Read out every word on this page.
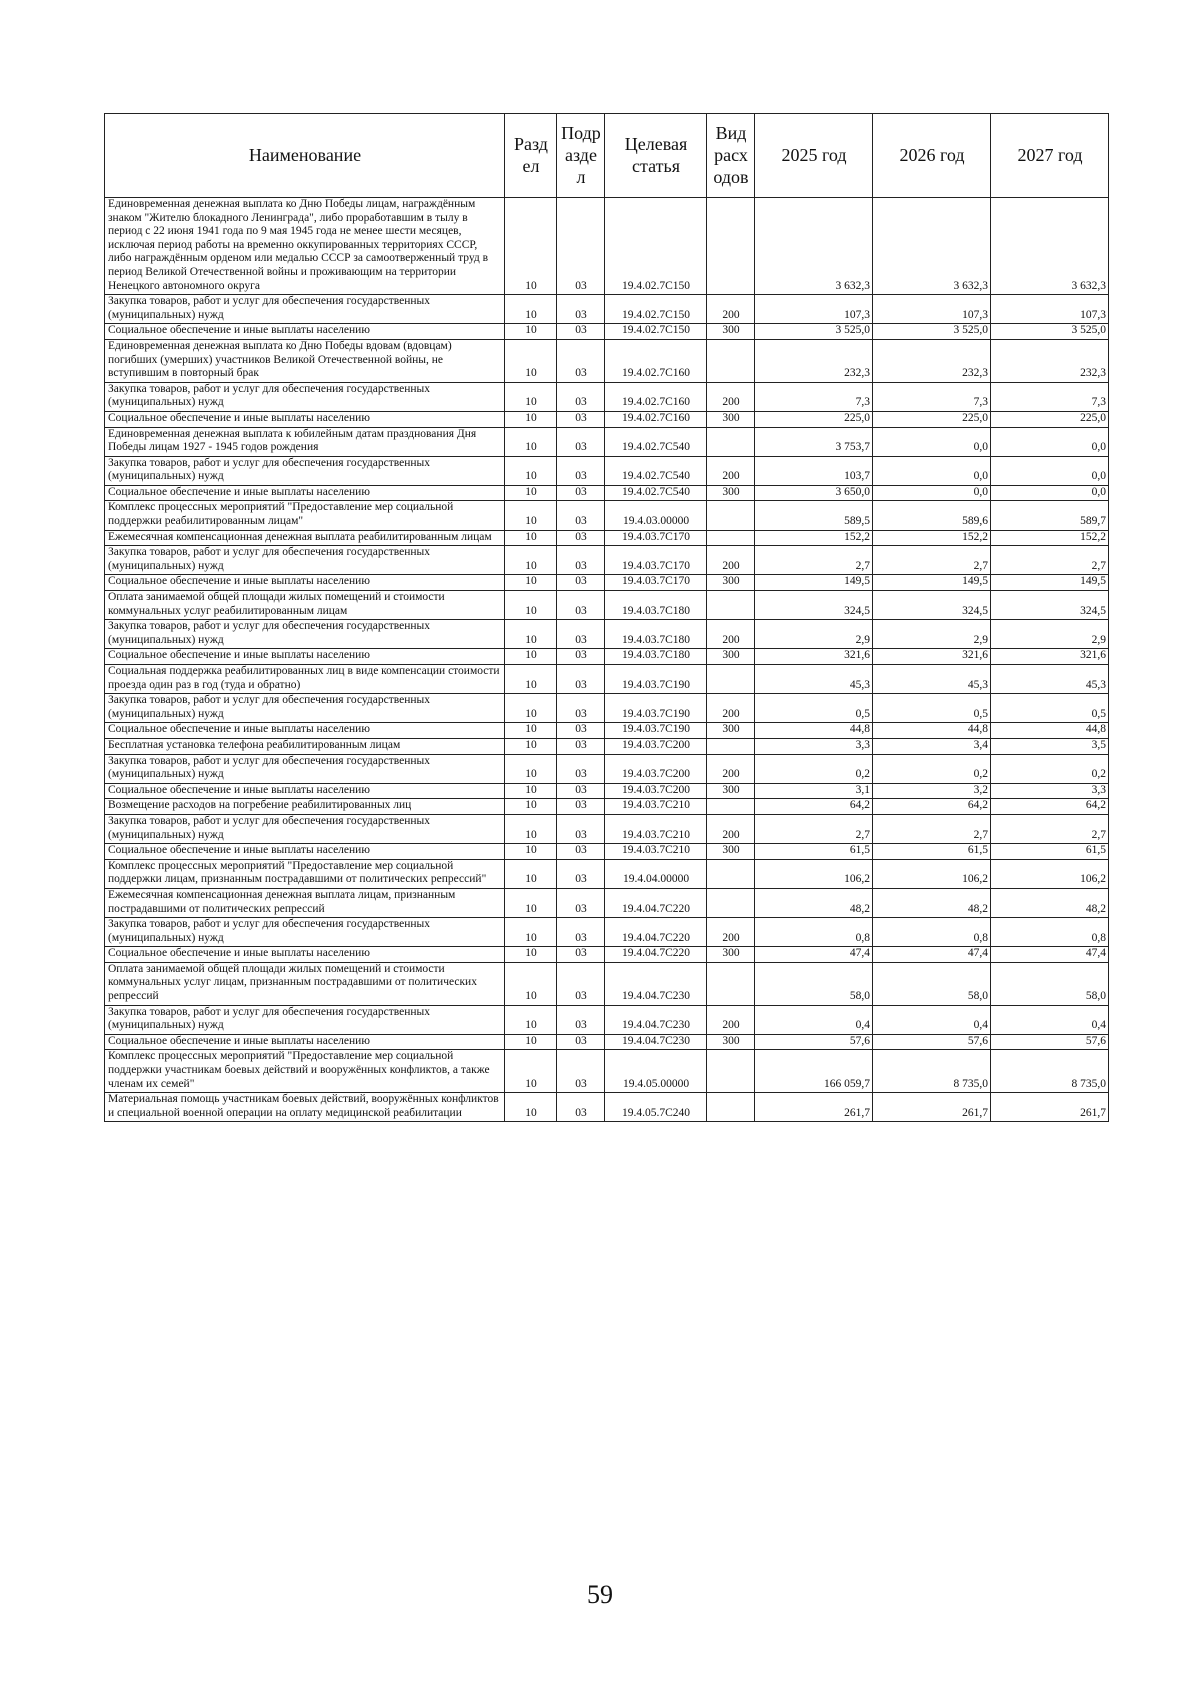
Наименование	Разд ел	Подр азде л	Целевая статья	Вид расх одов	2025 год	2026 год	2027 год
Единовременная денежная выплата ко Дню Победы лицам, награждённым знаком "Жителю блокадного Ленинграда", либо проработавшим в тылу в период с 22 июня 1941 года по 9 мая 1945 года не менее шести месяцев, исключая период работы на временно оккупированных территориях СССР, либо награждённым орденом или медалью СССР за самоотверженный труд в период Великой Отечественной войны и проживающим на территории Ненецкого автономного округа	10	03	19.4.02.7С150		3 632,3	3 632,3	3 632,3
Закупка товаров, работ и услуг для обеспечения государственных (муниципальных) нужд	10	03	19.4.02.7С150	200	107,3	107,3	107,3
Социальное обеспечение и иные выплаты населению	10	03	19.4.02.7С150	300	3 525,0	3 525,0	3 525,0
Единовременная денежная выплата ко Дню Победы вдовам (вдовцам) погибших (умерших) участников Великой Отечественной войны, не вступившим в повторный брак	10	03	19.4.02.7С160		232,3	232,3	232,3
Закупка товаров, работ и услуг для обеспечения государственных (муниципальных) нужд	10	03	19.4.02.7С160	200	7,3	7,3	7,3
Социальное обеспечение и иные выплаты населению	10	03	19.4.02.7С160	300	225,0	225,0	225,0
Единовременная денежная выплата к юбилейным датам празднования Дня Победы лицам 1927 - 1945 годов рождения	10	03	19.4.02.7С540		3 753,7	0,0	0,0
Закупка товаров, работ и услуг для обеспечения государственных (муниципальных) нужд	10	03	19.4.02.7С540	200	103,7	0,0	0,0
Социальное обеспечение и иные выплаты населению	10	03	19.4.02.7С540	300	3 650,0	0,0	0,0
Комплекс процессных мероприятий "Предоставление мер социальной поддержки реабилитированным лицам"	10	03	19.4.03.00000		589,5	589,6	589,7
Ежемесячная компенсационная денежная выплата реабилитированным лицам	10	03	19.4.03.7С170		152,2	152,2	152,2
Закупка товаров, работ и услуг для обеспечения государственных (муниципальных) нужд	10	03	19.4.03.7С170	200	2,7	2,7	2,7
Социальное обеспечение и иные выплаты населению	10	03	19.4.03.7С170	300	149,5	149,5	149,5
Оплата занимаемой общей площади жилых помещений и стоимости коммунальных услуг реабилитированным лицам	10	03	19.4.03.7С180		324,5	324,5	324,5
Закупка товаров, работ и услуг для обеспечения государственных (муниципальных) нужд	10	03	19.4.03.7С180	200	2,9	2,9	2,9
Социальное обеспечение и иные выплаты населению	10	03	19.4.03.7С180	300	321,6	321,6	321,6
Социальная поддержка реабилитированных лиц в виде компенсации стоимости проезда один раз в год (туда и обратно)	10	03	19.4.03.7С190		45,3	45,3	45,3
Закупка товаров, работ и услуг для обеспечения государственных (муниципальных) нужд	10	03	19.4.03.7С190	200	0,5	0,5	0,5
Социальное обеспечение и иные выплаты населению	10	03	19.4.03.7С190	300	44,8	44,8	44,8
Бесплатная установка телефона реабилитированным лицам	10	03	19.4.03.7С200		3,3	3,4	3,5
Закупка товаров, работ и услуг для обеспечения государственных (муниципальных) нужд	10	03	19.4.03.7С200	200	0,2	0,2	0,2
Социальное обеспечение и иные выплаты населению	10	03	19.4.03.7С200	300	3,1	3,2	3,3
Возмещение расходов на погребение реабилитированных лиц	10	03	19.4.03.7С210		64,2	64,2	64,2
Закупка товаров, работ и услуг для обеспечения государственных (муниципальных) нужд	10	03	19.4.03.7С210	200	2,7	2,7	2,7
Социальное обеспечение и иные выплаты населению	10	03	19.4.03.7С210	300	61,5	61,5	61,5
Комплекс процессных мероприятий "Предоставление мер социальной поддержки лицам, признанным пострадавшими от политических репрессий"	10	03	19.4.04.00000		106,2	106,2	106,2
Ежемесячная компенсационная денежная выплата лицам, признанным пострадавшими от политических репрессий	10	03	19.4.04.7С220		48,2	48,2	48,2
Закупка товаров, работ и услуг для обеспечения государственных (муниципальных) нужд	10	03	19.4.04.7С220	200	0,8	0,8	0,8
Социальное обеспечение и иные выплаты населению	10	03	19.4.04.7С220	300	47,4	47,4	47,4
Оплата занимаемой общей площади жилых помещений и стоимости коммунальных услуг лицам, признанным пострадавшими от политических репрессий	10	03	19.4.04.7С230		58,0	58,0	58,0
Закупка товаров, работ и услуг для обеспечения государственных (муниципальных) нужд	10	03	19.4.04.7С230	200	0,4	0,4	0,4
Социальное обеспечение и иные выплаты населению	10	03	19.4.04.7С230	300	57,6	57,6	57,6
Комплекс процессных мероприятий "Предоставление мер социальной поддержки участникам боевых действий и вооружённых конфликтов, а также членам их семей"	10	03	19.4.05.00000		166 059,7	8 735,0	8 735,0
Материальная помощь участникам боевых действий, вооружённых конфликтов и специальной военной операции на оплату медицинской реабилитации	10	03	19.4.05.7С240		261,7	261,7	261,7
59
